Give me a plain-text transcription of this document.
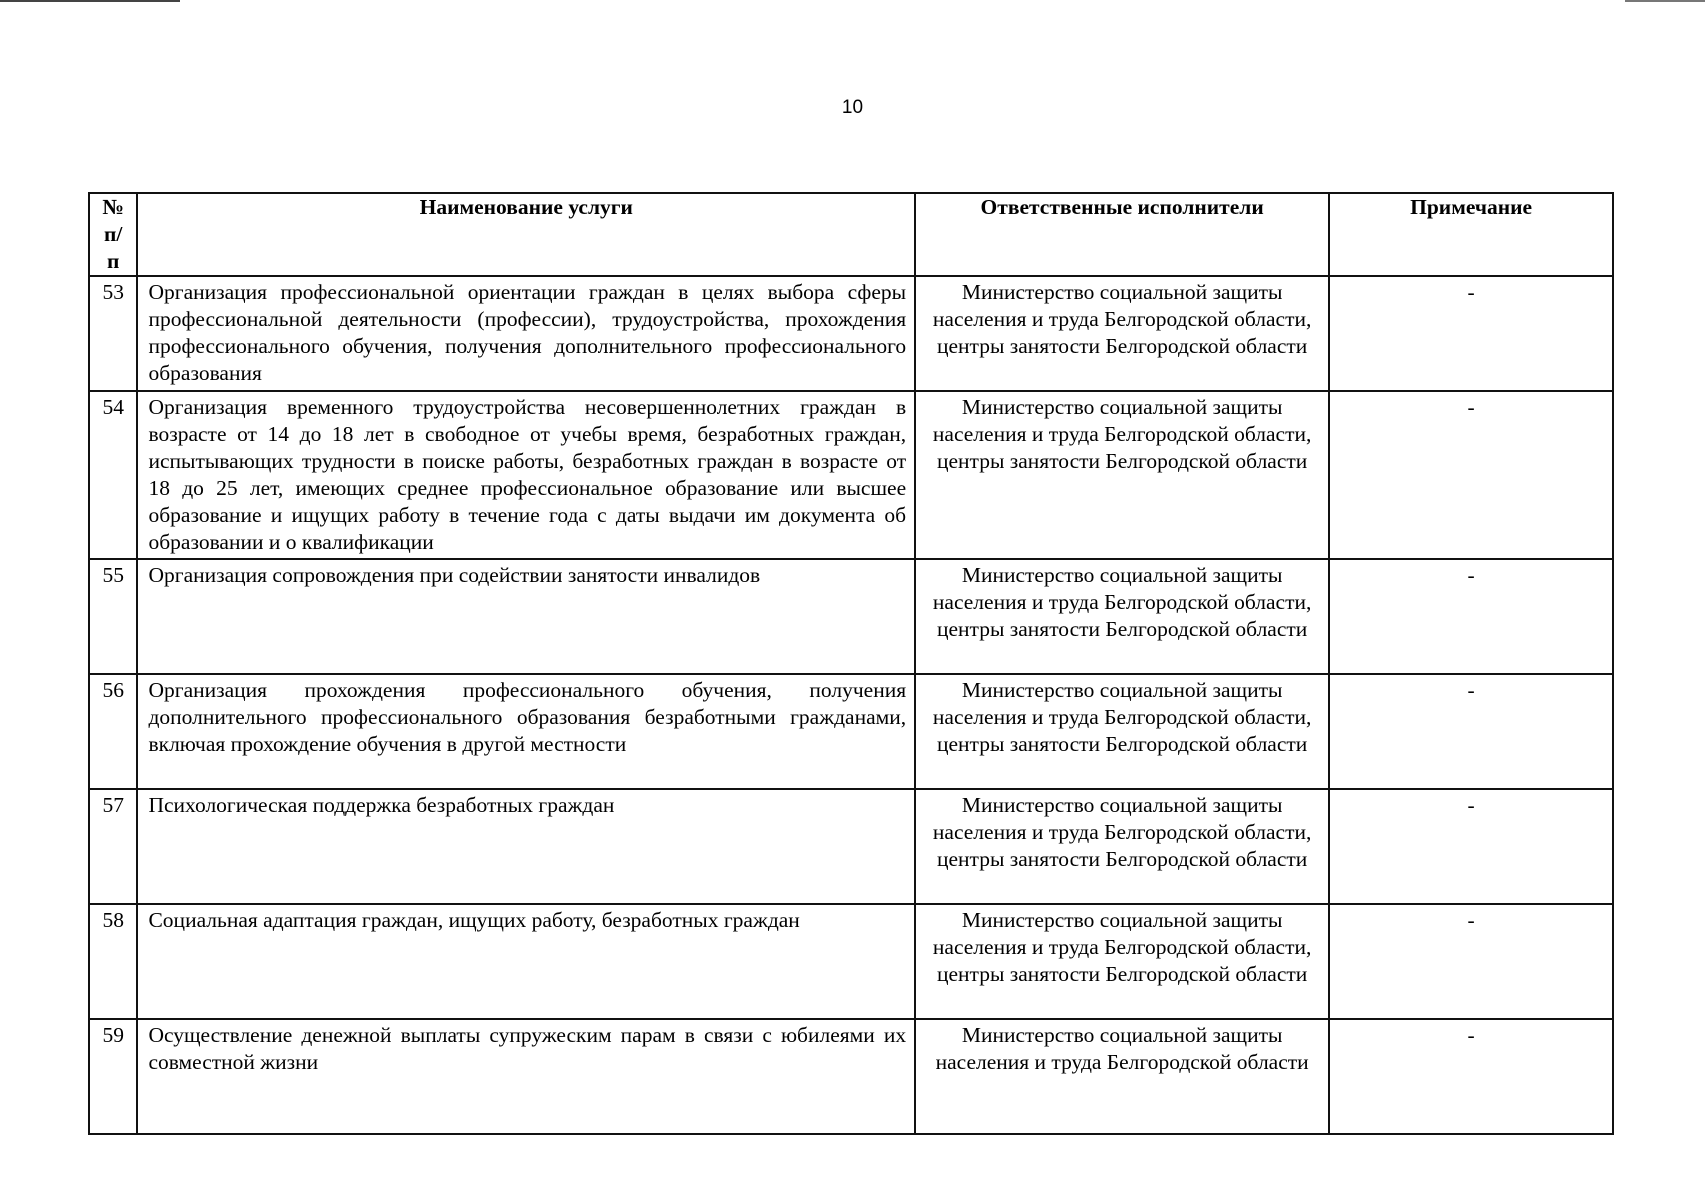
10
№ п/п	Наименование услуги	Ответственные исполнители	Примечание
53	Организация профессиональной ориентации граждан в целях выбора сферы профессиональной деятельности (профессии), трудоустройства, прохождения профессионального обучения, получения дополнительного профессионального образования	Министерство социальной защиты населения и труда Белгородской области, центры занятости Белгородской области	-
54	Организация временного трудоустройства несовершеннолетних граждан в возрасте от 14 до 18 лет в свободное от учебы время, безработных граждан, испытывающих трудности в поиске работы, безработных граждан в возрасте от 18 до 25 лет, имеющих среднее профессиональное образование или высшее образование и ищущих работу в течение года с даты выдачи им документа об образовании и о квалификации	Министерство социальной защиты населения и труда Белгородской области, центры занятости Белгородской области	-
55	Организация сопровождения при содействии занятости инвалидов	Министерство социальной защиты населения и труда Белгородской области, центры занятости Белгородской области	-
56	Организация прохождения профессионального обучения, получения дополнительного профессионального образования безработными гражданами, включая прохождение обучения в другой местности	Министерство социальной защиты населения и труда Белгородской области, центры занятости Белгородской области	-
57	Психологическая поддержка безработных граждан	Министерство социальной защиты населения и труда Белгородской области, центры занятости Белгородской области	-
58	Социальная адаптация граждан, ищущих работу, безработных граждан	Министерство социальной защиты населения и труда Белгородской области, центры занятости Белгородской области	-
59	Осуществление денежной выплаты супружеским парам в связи с юбилеями их совместной жизни	Министерство социальной защиты населения и труда Белгородской области	-
